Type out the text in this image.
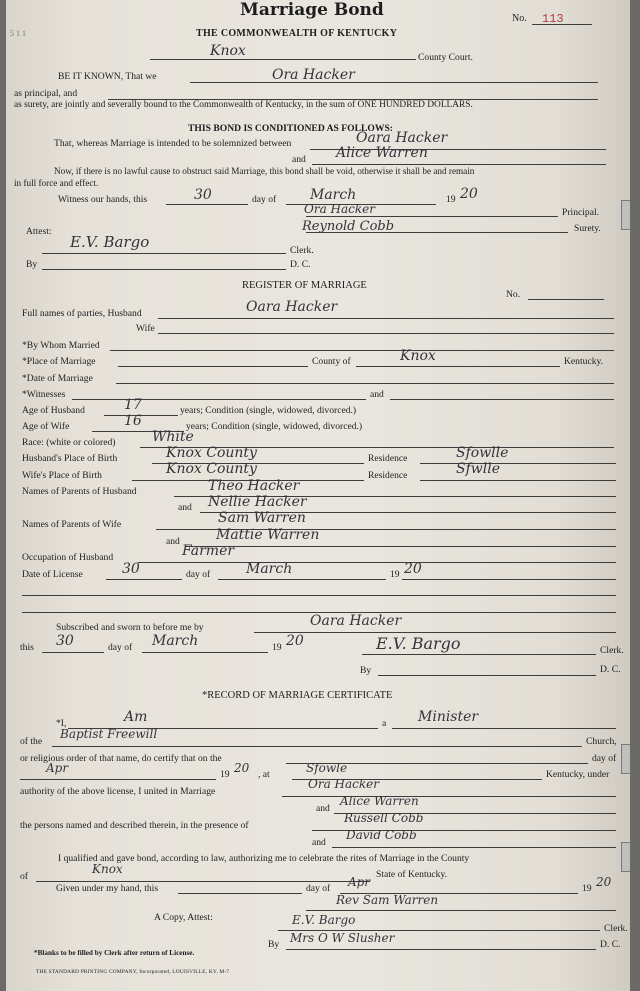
Marriage Bond	No. 113
5 1 1	THE COMMONWEALTH OF KENTUCKY
Knox	County Court.
BE IT KNOWN, That we	Ora Hacker
as principal, and
as surety, are jointly and severally bound to the Commonwealth of Kentucky, in the sum of ONE HUNDRED DOLLARS.
THIS BOND IS CONDITIONED AS FOLLOWS:
That, whereas Marriage is intended to be solemnized between	Oara Hacker
and Alice Warren
Now, if there is no lawful cause to obstruct said Marriage, this bond shall be void, otherwise it shall be and remain
in full force and effect.
Witness our hands, this	30	day of March	19 20
Ora Hacker	Principal.
Reynold Cobb	Surety.
Attest:
E.V. Bargo	Clerk.
By	D. C.
REGISTER OF MARRIAGE
No.
Full names of parties, Husband	Oara Hacker
Wife
*By Whom Married
*Place of Marriage	County of	Knox	Kentucky.
*Date of Marriage
*Witnesses	and
Age of Husband	17	years; Condition (single, widowed, divorced.)
Age of Wife	16	years; Condition (single, widowed, divorced.)
Race: (white or colored)	White
Husband's Place of Birth	Knox County	Residence	Sfowlle
Wife's Place of Birth	Knox County	Residence	Sfwlle
Names of Parents of Husband	Theo Hacker
and Nellie Hacker
Names of Parents of Wife	Sam Warren
and	Mattie Warren
Occupation of Husband	Farmer
Date of License	30	day of	March	19 20
Subscribed and sworn to before me by	Oara Hacker
this 30	day of March	19 20	E.V. Bargo	Clerk.
By	D. C.
*RECORD OF MARRIAGE CERTIFICATE
*I,	Am	a Minister
of the
Baptist Freewill
Church,
or religious order of that name, do certify that on the	day of
Apr	19 20 , at	Sfowle	Kentucky, under
authority of the above license, I united in Marriage
Ora Hacker
and
Alice Warren
the persons named and described therein, in the presence of
Russell Cobb
and
David Cobb
I qualified and gave bond, according to law, authorizing me to celebrate the rites of Marriage in the County
of
Knox	State of Kentucky.
Given under my hand, this	day of Apr	19 20
Rev Sam Warren
A Copy, Attest:	E.V. Bargo
Clerk.
By Mrs O W Slusher	D. C.
*Blanks to be filled by Clerk after return of License.
THE STANDARD PRINTING COMPANY, Incorporated, LOUISVILLE, KY. M-7
